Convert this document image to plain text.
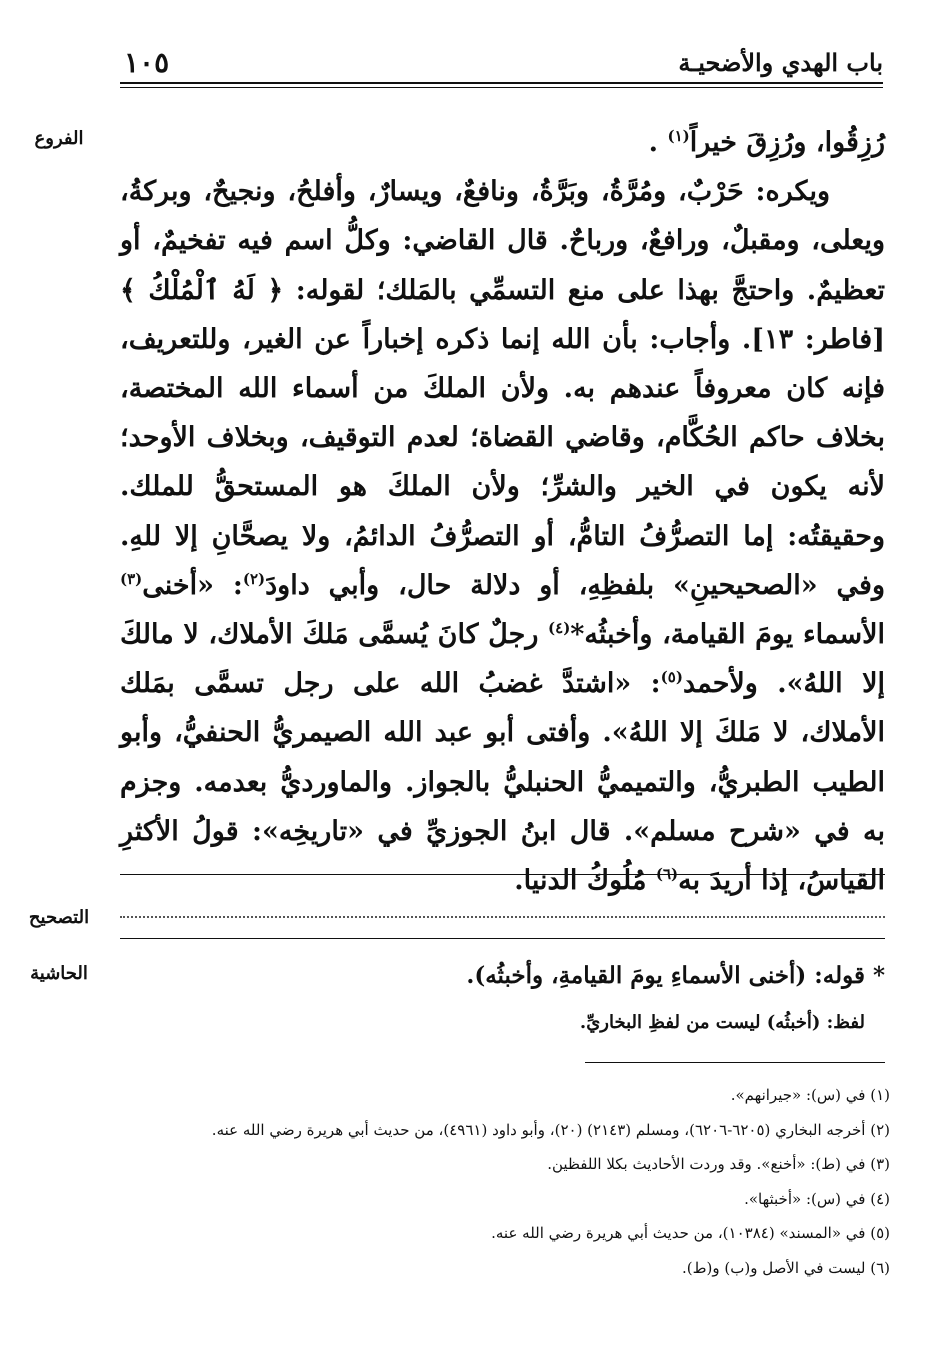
١٠٥	باب الهدي والأضحيـة
الفروع
التصحيح
الحاشية

رُزِقُوا، ورُزِقَ خيراً$^{(١)}$ .

ويكره: حَرْبٌ، ومُرَّةُ، وبَرَّةُ، ونافعٌ، ويسارٌ، وأفلحُ، ونجيحٌ، وبركةُ، ويعلى، ومقبلٌ، ورافعٌ، ورباحٌ. قال القاضي: وكلُّ اسم فيه تفخيمٌ، أو تعظيمٌ. واحتجَّ بهذا على منع التسمِّي بالمَلك؛ لقوله: ﴿ لَهُ ٱلْمُلْكُ ﴾ [فاطر: ١٣]. وأجاب: بأن الله إنما ذكره إخباراً عن الغير، وللتعريف، فإنه كان معروفاً عندهم به. ولأن الملكَ من أسماء الله المختصة، بخلاف حاكم الحُكَّام، وقاضي القضاة؛ لعدم التوقيف، وبخلاف الأوحد؛ لأنه يكون في الخير والشرِّ؛ ولأن الملكَ هو المستحقُّ للملك. وحقيقتُه: إما التصرُّفُ التامُّ، أو التصرُّفُ الدائمُ، ولا يصحَّانِ إلا للهِ. وفي «الصحيحينِ» بلفظِهِ، أو دلالة حال، وأبي داودَ$^{(٢)}$: «أخنى$^{(٣)}$ الأسماء يومَ القيامة، وأخبثُه*$^{(٤)}$ رجلٌ كانَ يُسمَّى مَلكَ الأملاك، لا مالكَ إلا اللهُ». ولأحمد$^{(٥)}$: «اشتدَّ غضبُ الله على رجل تسمَّى بمَلك الأملاك، لا مَلكَ إلا اللهُ». وأفتى أبو عبد الله الصيمريُّ الحنفيُّ، وأبو الطيب الطبريُّ، والتميميُّ الحنبليُّ بالجواز. والماورديُّ بعدمه. وجزم به في «شرح مسلم». قال ابنُ الجوزيِّ في «تاريخِه»: قولُ الأكثرِ القياسُ، إذا أريدَ به$^{(٦)}$ مُلُوكُ الدنيا.

* قوله: (أخنى الأسماءِ يومَ القيامةِ، وأخبثُه).
لفظ: (أخبثُه) ليست من لفظِ البخاريِّ.
(١) في (س): «جيرانهم».
(٢) أخرجه البخاري (٦٢٠٥-٦٢٠٦)، ومسلم (٢١٤٣) (٢٠)، وأبو داود (٤٩٦١)، من حديث أبي هريرة رضي الله عنه.
(٣) في (ط): «أخنع». وقد وردت الأحاديث بكلا اللفظين.
(٤) في (س): «أخبثها».
(٥) في «المسند» (١٠٣٨٤)، من حديث أبي هريرة رضي الله عنه.
(٦) ليست في الأصل و(ب) و(ط).
